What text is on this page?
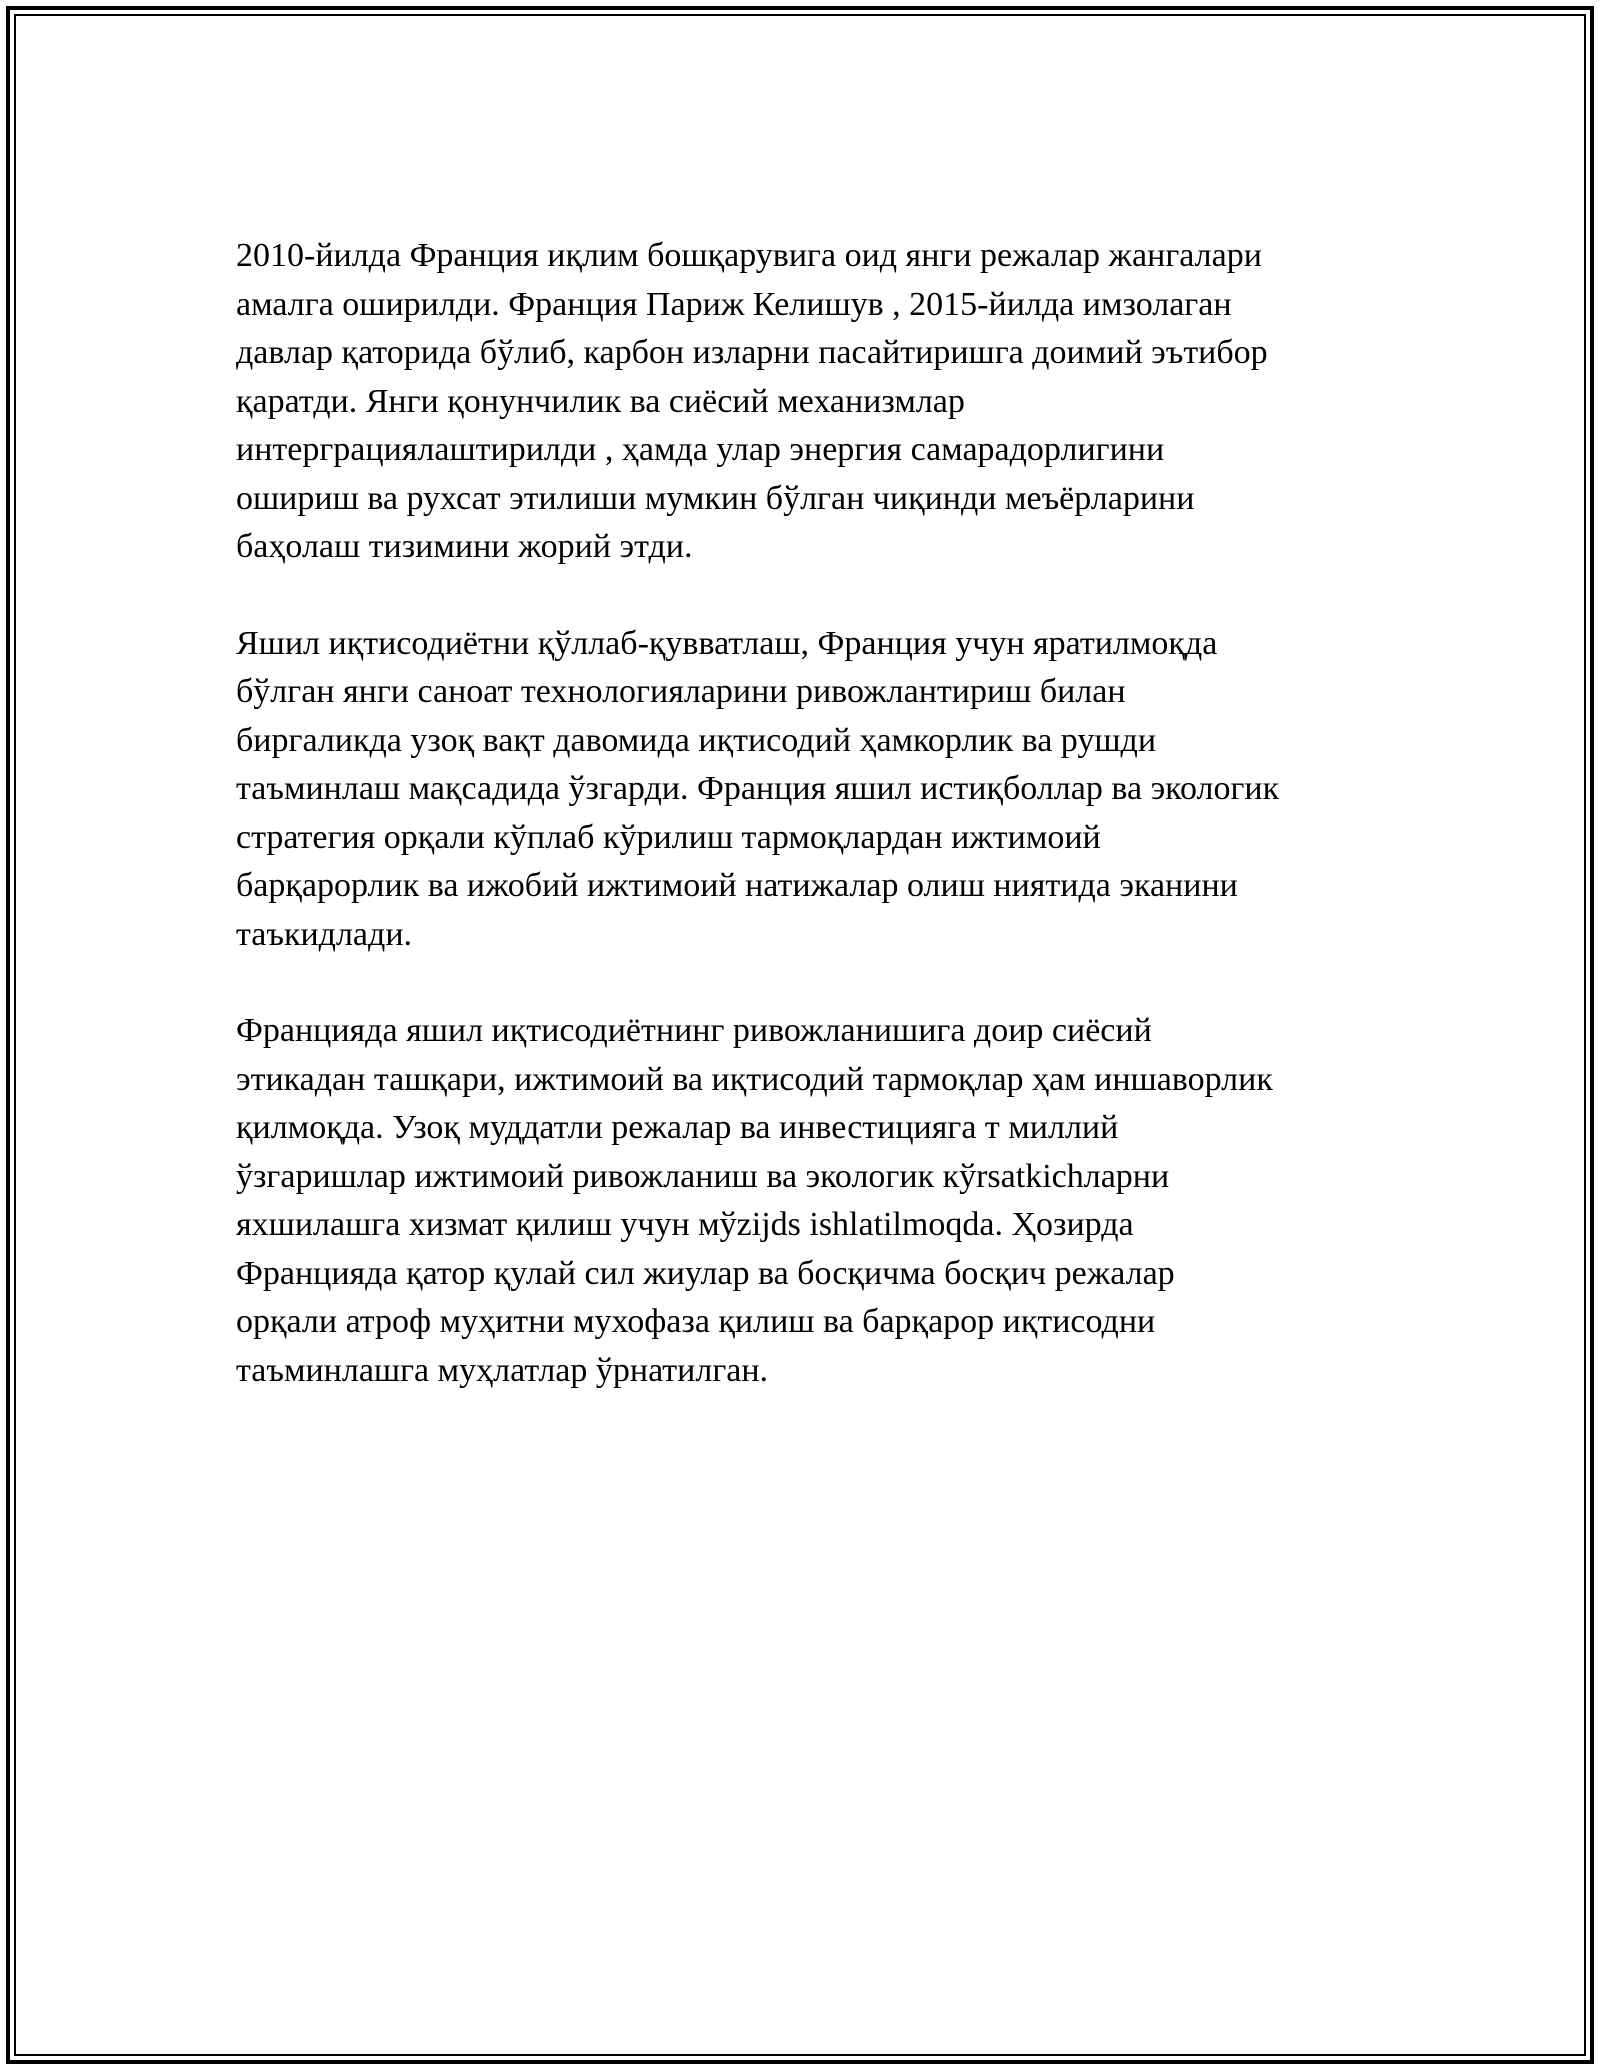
2010-йилда Франция иқлим бошқарувига оид янги режалар жангалари
амалга оширилди. Франция Париж Келишув , 2015-йилда имзолаган
давлар қаторида бўлиб, карбон изларни пасайтиришга доимий эътибор
қаратди. Янги қонунчилик ва сиёсий механизмлар
интерграциялаштирилди , ҳамда улар энергия самарадорлигини
ошириш ва рухсат этилиши мумкин бўлган чиқинди меъёрларини
баҳолаш тизимини жорий этди.
Яшил иқтисодиётни қўллаб-қувватлаш, Франция учун яратилмоқда
бўлган янги саноат технологияларини ривожлантириш билан
биргаликда узоқ вақт давомида иқтисодий ҳамкорлик ва рушди
таъминлаш мақсадида ўзгарди. Франция яшил истиқболлар ва экологик
стратегия орқали кўплаб кўрилиш тармоқлардан ижтимоий
барқарорлик ва ижобий ижтимоий натижалар олиш ниятида эканини
таъкидлади.
Францияда яшил иқтисодиётнинг ривожланишига доир сиёсий
этикадан ташқари, ижтимоий ва иқтисодий тармоқлар ҳам иншаворлик
қилмоқда. Узоқ муддатли режалар ва инвестицияга т миллий
ўзгаришлар ижтимоий ривожланиш ва экологик кўrsatkichларни
яхшилашга хизмат қилиш учун мўzijds ishlatilmoqda. Ҳозирда
Францияда қатор қулай сил жиулар ва босқичма босқич режалар
орқали атроф муҳитни мухофаза қилиш ва барқарор иқтисодни
таъминлашга муҳлатлар ўрнатилган.
